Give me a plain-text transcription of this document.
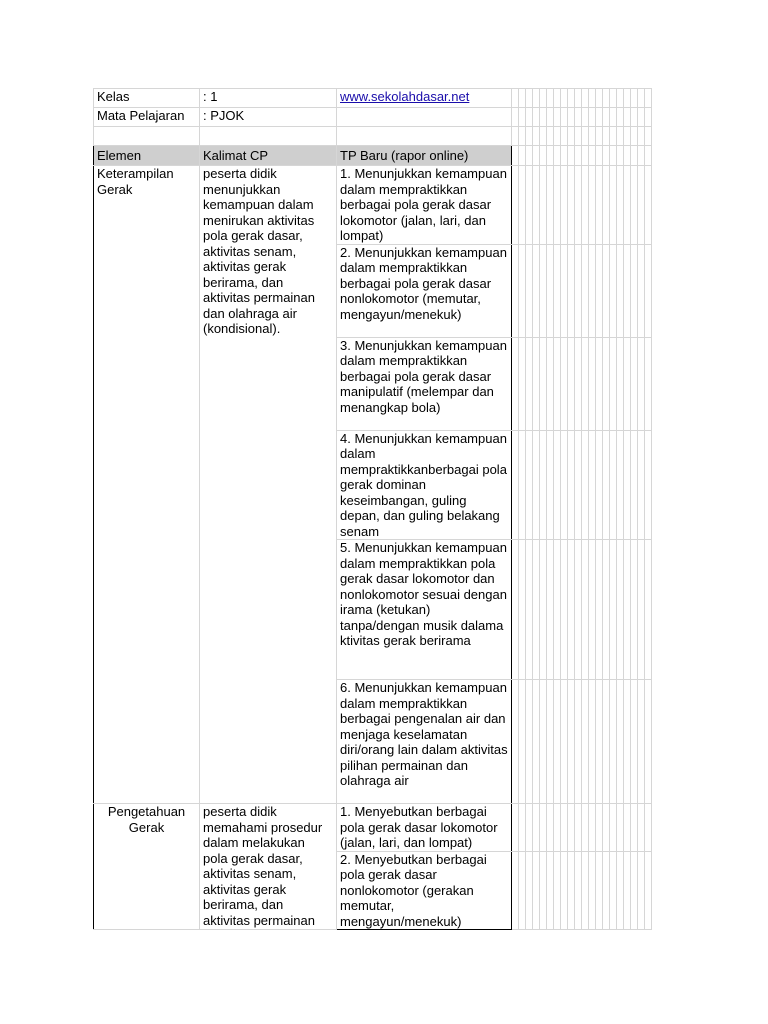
Kelas	: 1	www.sekolahdasar.net																				
Mata Pelajaran	: PJOK																					

Elemen	Kalimat CP	TP Baru (rapor online)																				
Keterampilan Gerak	peserta didik menunjukkan kemampuan dalam menirukan aktivitas pola gerak dasar, aktivitas senam, aktivitas gerak berirama, dan aktivitas permainan dan olahraga air (kondisional).	1. Menunjukkan kemampuan dalam mempraktikkan berbagai pola gerak dasar lokomotor (jalan, lari, dan lompat)																				
		2. Menunjukkan kemampuan dalam mempraktikkan berbagai pola gerak dasar nonlokomotor (memutar, mengayun/menekuk)																				
		3. Menunjukkan kemampuan dalam mempraktikkan berbagai pola gerak dasar manipulatif (melempar dan menangkap bola)																				
		4. Menunjukkan kemampuan dalam mempraktikkanberbagai pola gerak dominan keseimbangan, guling depan, dan guling belakang senam																				
		5. Menunjukkan kemampuan dalam mempraktikkan pola gerak dasar lokomotor dan nonlokomotor sesuai dengan irama (ketukan) tanpa/dengan musik dalama ktivitas gerak berirama																				
		6. Menunjukkan kemampuan dalam mempraktikkan berbagai pengenalan air dan menjaga keselamatan diri/orang lain dalam aktivitas pilihan permainan dan olahraga air																				
Pengetahuan Gerak	peserta didik memahami prosedur dalam melakukan pola gerak dasar, aktivitas senam, aktivitas gerak berirama, dan aktivitas permainan	1. Menyebutkan berbagai pola gerak dasar lokomotor (jalan, lari, dan lompat)																				
		2. Menyebutkan berbagai pola gerak dasar nonlokomotor (gerakan memutar, mengayun/menekuk)																				
